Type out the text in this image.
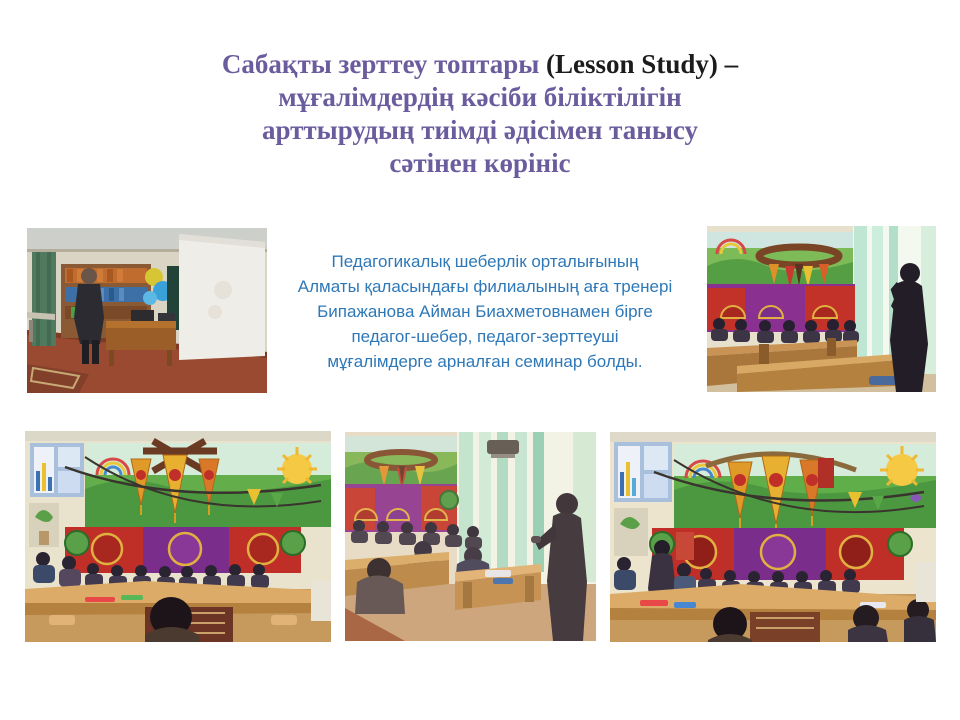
Сабақты зерттеу топтары (Lesson Study) –
мұғалімдердің кәсіби біліктілігін
арттырудың тиімді әдісімен танысу
сәтінен көрініс
Педагогикалық шеберлік орталығының
Алматы қаласындағы филиалының аға тренері
Бипажанова Айман Биахметовнамен бірге
педагог-шебер, педагог-зерттеуші
мұғалімдерге арналған семинар болды.
